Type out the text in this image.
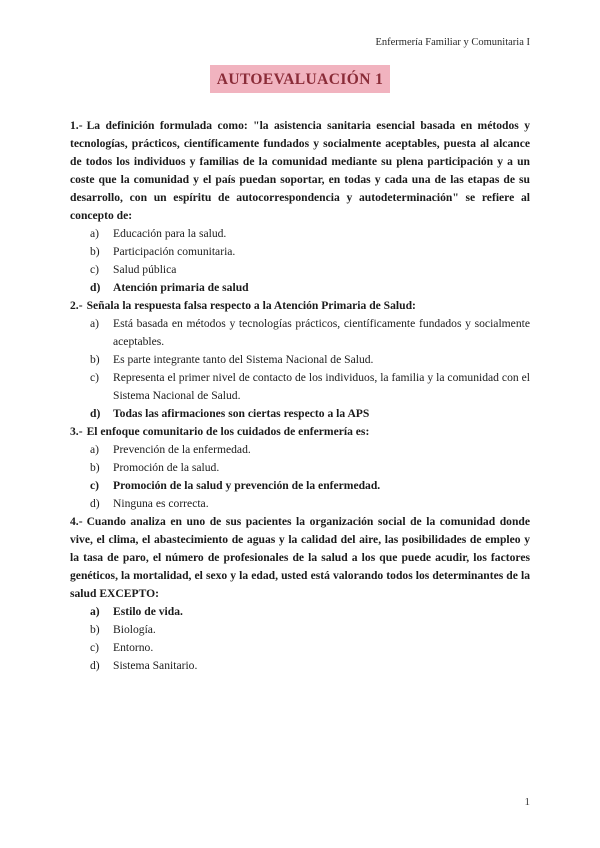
Enfermería Familiar y Comunitaria I

AUTOEVALUACIÓN 1

1.- La definición formulada como: "la asistencia sanitaria esencial basada en métodos y tecnologías, prácticos, científicamente fundados y socialmente aceptables, puesta al alcance de todos los individuos y familias de la comunidad mediante su plena participación y a un coste que la comunidad y el país puedan soportar, en todas y cada una de las etapas de su desarrollo, con un espíritu de autocorrespondencia y autodeterminación" se refiere al concepto de:

a)	Educación para la salud.
b)	Participación comunitaria.
c)	Salud pública
d)	Atención primaria de salud

2.- Señala la respuesta falsa respecto a la Atención Primaria de Salud:

a)	Está basada en métodos y tecnologías prácticos, científicamente fundados y socialmente aceptables.
b)	Es parte integrante tanto del Sistema Nacional de Salud.
c)	Representa el primer nivel de contacto de los individuos, la familia y la comunidad con el Sistema Nacional de Salud.
d)	Todas las afirmaciones son ciertas respecto a la APS

3.- El enfoque comunitario de los cuidados de enfermería es:

a)	Prevención de la enfermedad.
b)	Promoción de la salud.
c)	Promoción de la salud y prevención de la enfermedad.
d)	Ninguna es correcta.

4.- Cuando analiza en uno de sus pacientes la organización social de la comunidad donde vive, el clima, el abastecimiento de aguas y la calidad del aire, las posibilidades de empleo y la tasa de paro, el número de profesionales de la salud a los que puede acudir, los factores genéticos, la mortalidad, el sexo y la edad, usted está valorando todos los determinantes de la salud EXCEPTO:

a)	Estilo de vida.
b)	Biología.
c)	Entorno.
d)	Sistema Sanitario.
1
